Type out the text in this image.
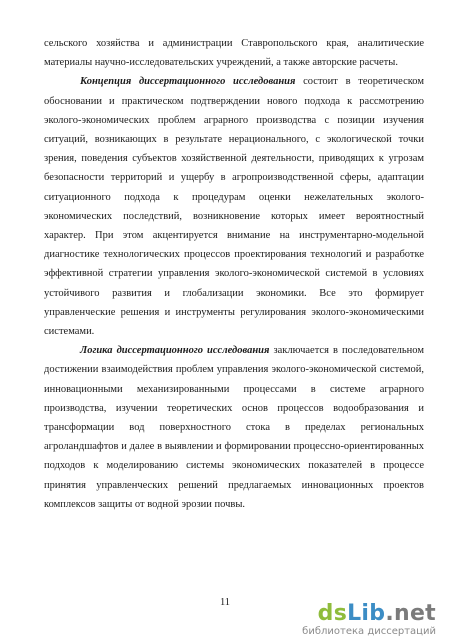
сельского хозяйства и администрации Ставропольского края, аналитические материалы научно-исследовательских учреждений, а также авторские расчеты.

Концепция диссертационного исследования состоит в теоретическом обосновании и практическом подтверждении нового подхода к рассмотрению эколого-экономических проблем аграрного производства с позиции изучения ситуаций, возникающих в результате нерационального, с экологической точки зрения, поведения субъектов хозяйственной деятельности, приводящих к угрозам безопасности территорий и ущербу в агропроизводственной сферы, адаптации ситуационного подхода к процедурам оценки нежелательных эколого-экономических последствий, возникновение которых имеет вероятностный характер. При этом акцентируется внимание на инструментарно-модельной диагностике технологических процессов проектирования технологий и разработке эффективной стратегии управления эколого-экономической системой в условиях устойчивого развития и глобализации экономики. Все это формирует управленческие решения и инструменты регулирования эколого-экономическими системами.

Логика диссертационного исследования заключается в последовательном достижении взаимодействия проблем управления эколого-экономической системой, инновационными механизированными процессами в системе аграрного производства, изучении теоретических основ процессов водообразования и трансформации вод поверхностного стока в пределах региональных агроландшафтов и далее в выявлении и формировании процессно-ориентированных подходов к моделированию системы экономических показателей в процессе принятия управленческих решений предлагаемых инновационных проектов комплексов защиты от водной эрозии почвы.

11	dsLib.net
библиотека диссертаций
